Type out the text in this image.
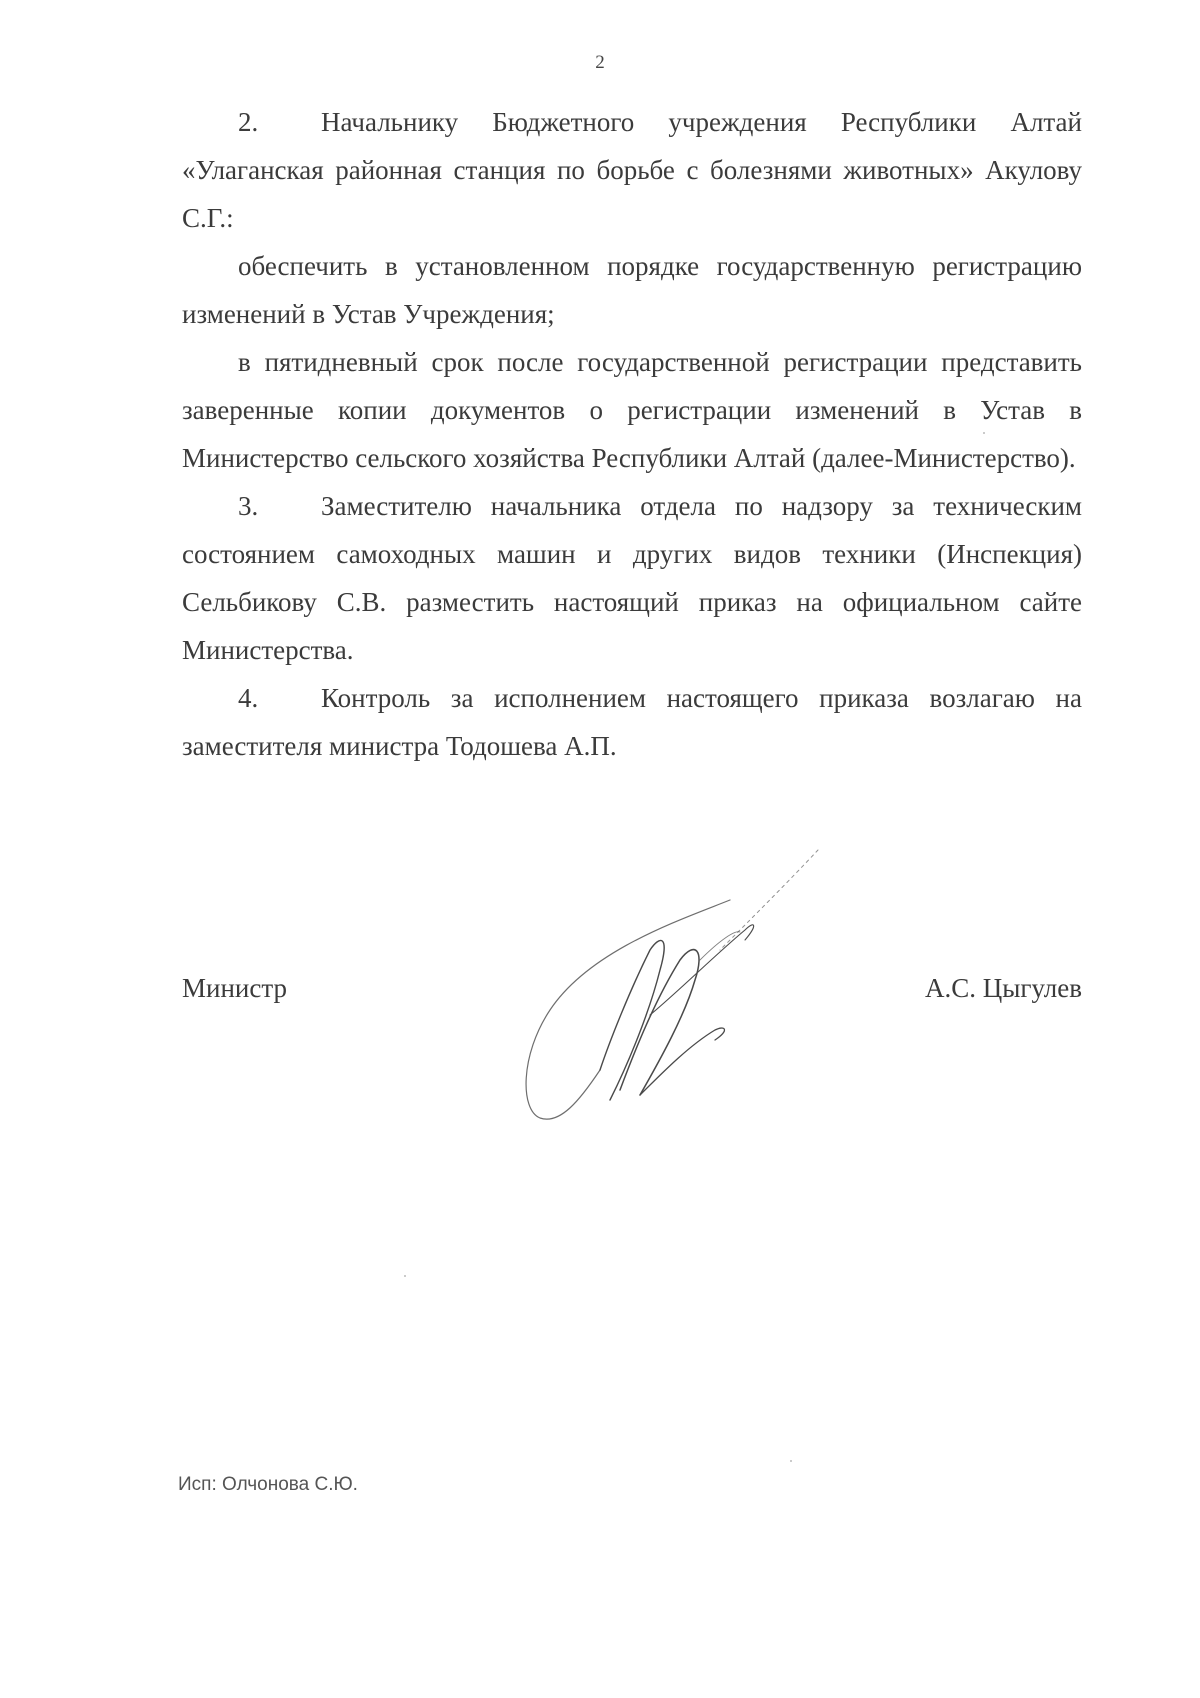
2

2. Начальнику Бюджетного учреждения Республики Алтай «Улаганская районная станция по борьбе с болезнями животных» Акулову С.Г.:

обеспечить в установленном порядке государственную регистрацию изменений в Устав Учреждения;

в пятидневный срок после государственной регистрации представить заверенные копии документов о регистрации изменений в Устав в Министерство сельского хозяйства Республики Алтай (далее-Министерство).

3. Заместителю начальника отдела по надзору за техническим состоянием самоходных машин и других видов техники (Инспекция) Сельбикову С.В. разместить настоящий приказ на официальном сайте Министерства.

4. Контроль за исполнением настоящего приказа возлагаю на заместителя министра Тодошева А.П.

Министр	А.С. Цыгулев
Исп: Олчонова С.Ю.
